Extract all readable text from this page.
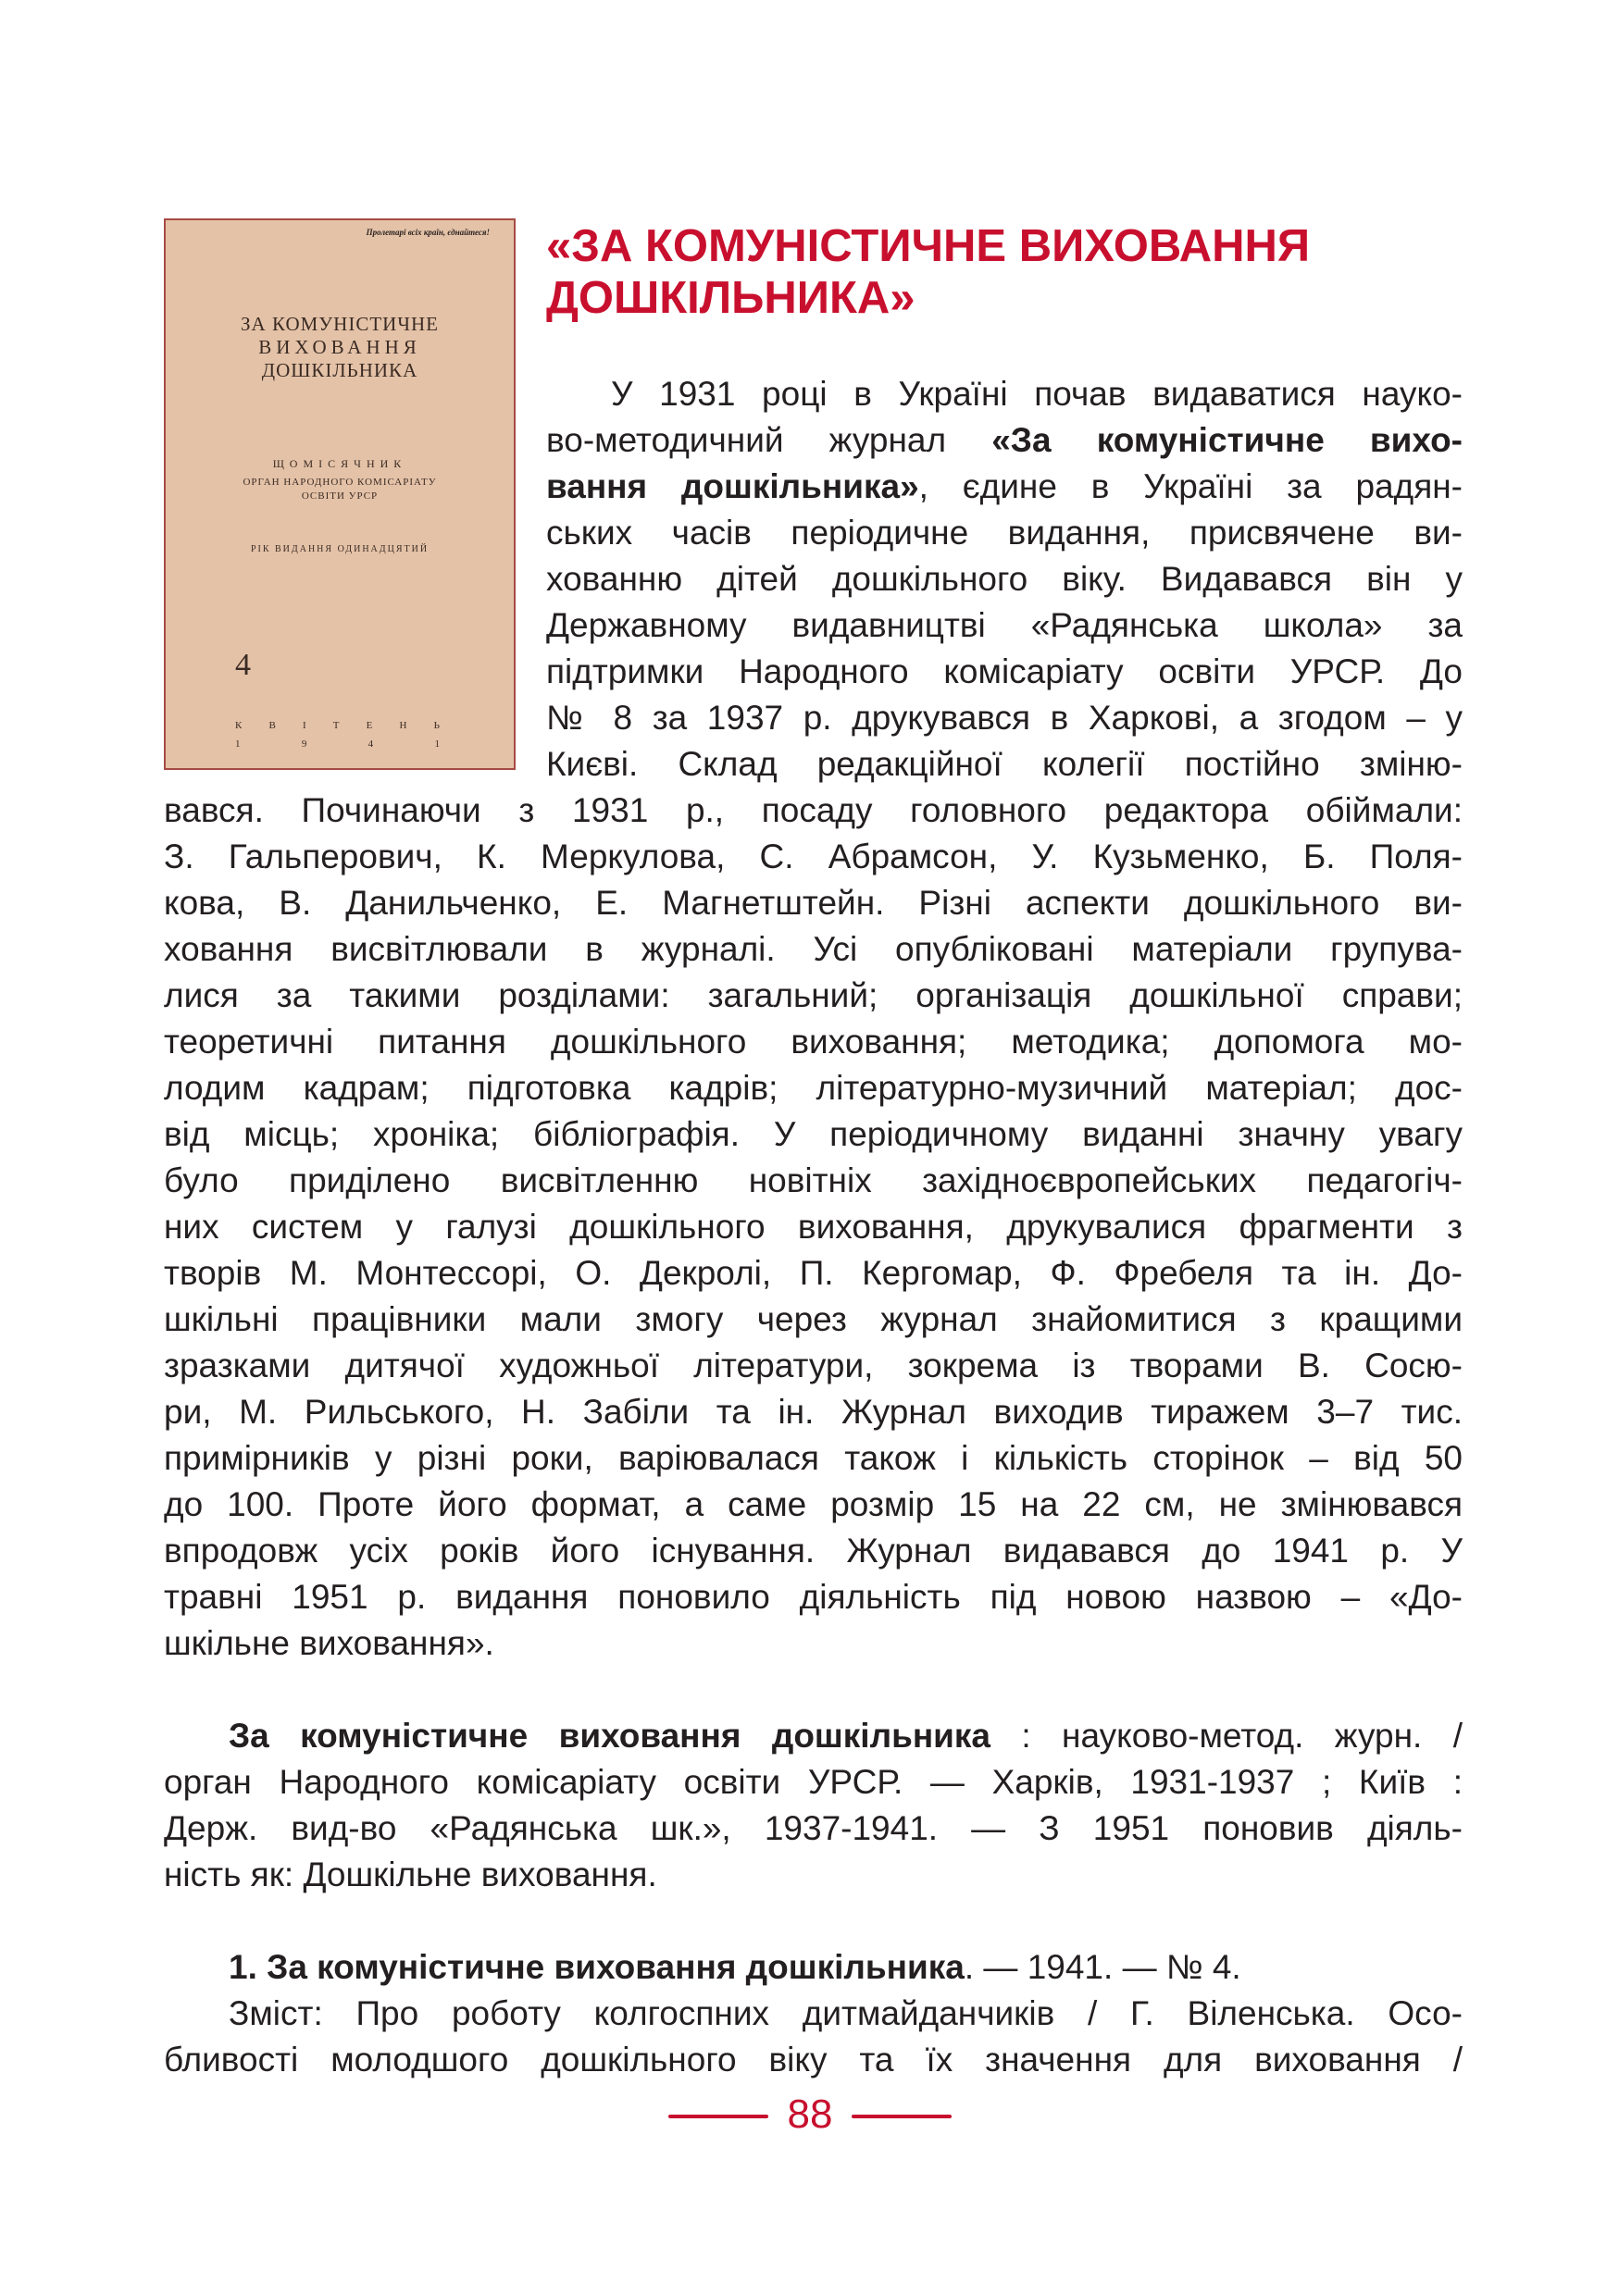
Пролетарі всіх країн, єднайтеся!
ЗА КОМУНІСТИЧНЕ
ВИХОВАННЯ
ДОШКІЛЬНИКА
ЩОМІСЯЧНИК
ОРГАН НАРОДНОГО КОМІСАРІАТУ
ОСВІТИ УРСР
РІК ВИДАННЯ ОДИНАДЦЯТИЙ
4
К	В	І	Т	Е	Н	Ь
1	9	4	1
«ЗА КОМУНІСТИЧНЕ ВИХОВАННЯ
ДОШКІЛЬНИКА»
У 1931 році в Україні почав видаватися науко-
во-методичний журнал «За комуністичне вихо-
вання дошкільника», єдине в Україні за радян-
ських часів періодичне видання, присвячене ви-
хованню дітей дошкільного віку. Видавався він у
Державному видавництві «Радянська школа» за
підтримки Народного комісаріату освіти УРСР. До
№ 8 за 1937 р. друкувався в Харкові, а згодом – у
Києві. Склад редакційної колегії постійно зміню-
вався. Починаючи з 1931 р., посаду головного редактора обіймали:
З. Гальперович, К. Меркулова, С. Абрамсон, У. Кузьменко, Б. Поля-
кова, В. Данильченко, Е. Магнетштейн. Різні аспекти дошкільного ви-
ховання висвітлювали в журналі. Усі опубліковані матеріали групува-
лися за такими розділами: загальний; організація дошкільної справи;
теоретичні питання дошкільного виховання; методика; допомога мо-
лодим кадрам; підготовка кадрів; літературно-музичний матеріал; дос-
від місць; хроніка; бібліографія. У періодичному виданні значну увагу
було приділено висвітленню новітніх західноєвропейських педагогіч-
них систем у галузі дошкільного виховання, друкувалися фрагменти з
творів М. Монтессорі, О. Декролі, П. Кергомар, Ф. Фребеля та ін. До-
шкільні працівники мали змогу через журнал знайомитися з кращими
зразками дитячої художньої літератури, зокрема із творами В. Сосю-
ри, М. Рильського, Н. Забіли та ін. Журнал виходив тиражем 3–7 тис.
примірників у різні роки, варіювалася також і кількість сторінок – від 50
до 100. Проте його формат, а саме розмір 15 на 22 см, не змінювався
впродовж усіх років його існування. Журнал видавався до 1941 р. У
травні 1951 р. видання поновило діяльність під новою назвою – «До-
шкільне виховання».
За комуністичне виховання дошкільника : науково-метод. журн. /
орган Народного комісаріату освіти УРСР. — Харків, 1931-1937 ; Київ :
Держ. вид-во «Радянська шк.», 1937-1941. — З 1951 поновив діяль-
ність як: Дошкільне виховання.
1. За комуністичне виховання дошкільника. — 1941. — № 4.
Зміст: Про роботу колгоспних дитмайданчиків / Г. Віленська. Осо-
бливості молодшого дошкільного віку та їх значення для виховання /
88
